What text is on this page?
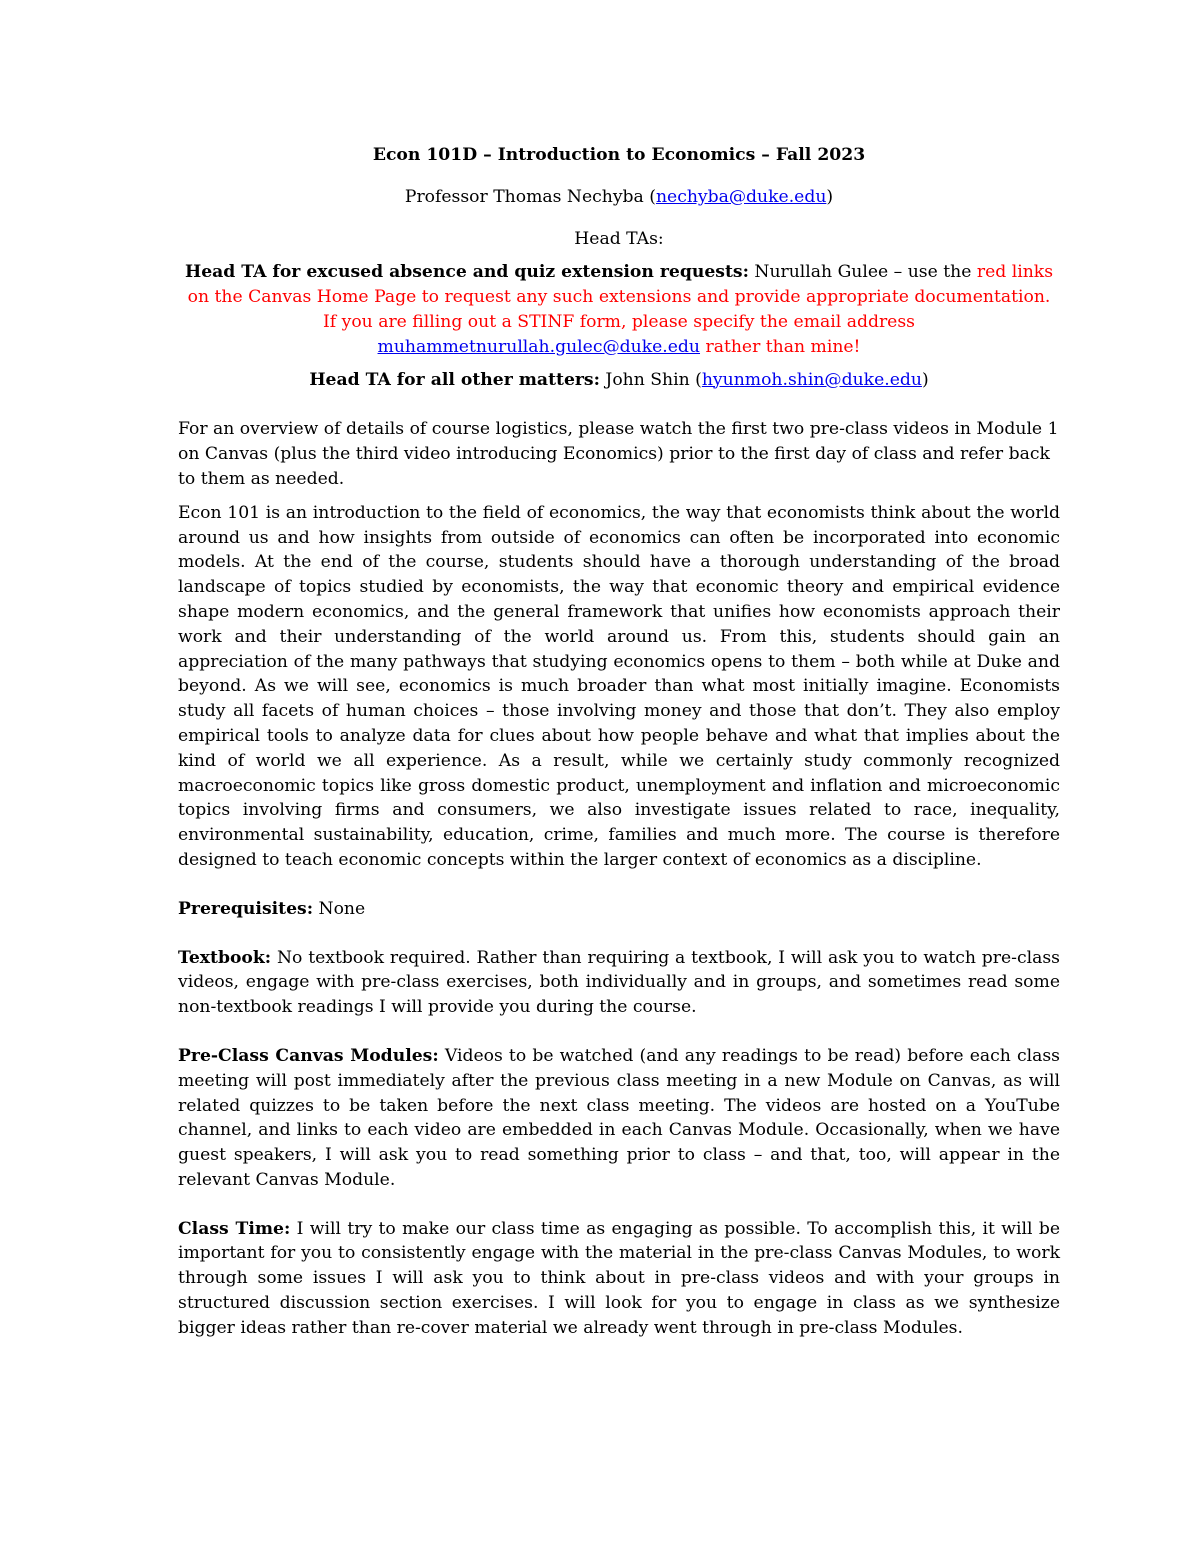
Econ 101D – Introduction to Economics – Fall 2023

Professor Thomas Nechyba (nechyba@duke.edu)

Head TAs:

Head TA for excused absence and quiz extension requests: Nurullah Gulee – use the red links on the Canvas Home Page to request any such extensions and provide appropriate documentation.
If you are filling out a STINF form, please specify the email address
muhammetnurullah.gulec@duke.edu rather than mine!

Head TA for all other matters: John Shin (hyunmoh.shin@duke.edu)

For an overview of details of course logistics, please watch the first two pre-class videos in Module 1 on Canvas (plus the third video introducing Economics) prior to the first day of class and refer back to them as needed.

Econ 101 is an introduction to the field of economics, the way that economists think about the world around us and how insights from outside of economics can often be incorporated into economic models. At the end of the course, students should have a thorough understanding of the broad landscape of topics studied by economists, the way that economic theory and empirical evidence shape modern economics, and the general framework that unifies how economists approach their work and their understanding of the world around us. From this, students should gain an appreciation of the many pathways that studying economics opens to them – both while at Duke and beyond. As we will see, economics is much broader than what most initially imagine. Economists study all facets of human choices – those involving money and those that don’t. They also employ empirical tools to analyze data for clues about how people behave and what that implies about the kind of world we all experience. As a result, while we certainly study commonly recognized macroeconomic topics like gross domestic product, unemployment and inflation and microeconomic topics involving firms and consumers, we also investigate issues related to race, inequality, environmental sustainability, education, crime, families and much more. The course is therefore designed to teach economic concepts within the larger context of economics as a discipline.

Prerequisites: None

Textbook: No textbook required. Rather than requiring a textbook, I will ask you to watch pre-class videos, engage with pre-class exercises, both individually and in groups, and sometimes read some non-textbook readings I will provide you during the course.

Pre-Class Canvas Modules: Videos to be watched (and any readings to be read) before each class meeting will post immediately after the previous class meeting in a new Module on Canvas, as will related quizzes to be taken before the next class meeting. The videos are hosted on a YouTube channel, and links to each video are embedded in each Canvas Module. Occasionally, when we have guest speakers, I will ask you to read something prior to class – and that, too, will appear in the relevant Canvas Module.

Class Time: I will try to make our class time as engaging as possible. To accomplish this, it will be important for you to consistently engage with the material in the pre-class Canvas Modules, to work through some issues I will ask you to think about in pre-class videos and with your groups in structured discussion section exercises. I will look for you to engage in class as we synthesize bigger ideas rather than re-cover material we already went through in pre-class Modules.
